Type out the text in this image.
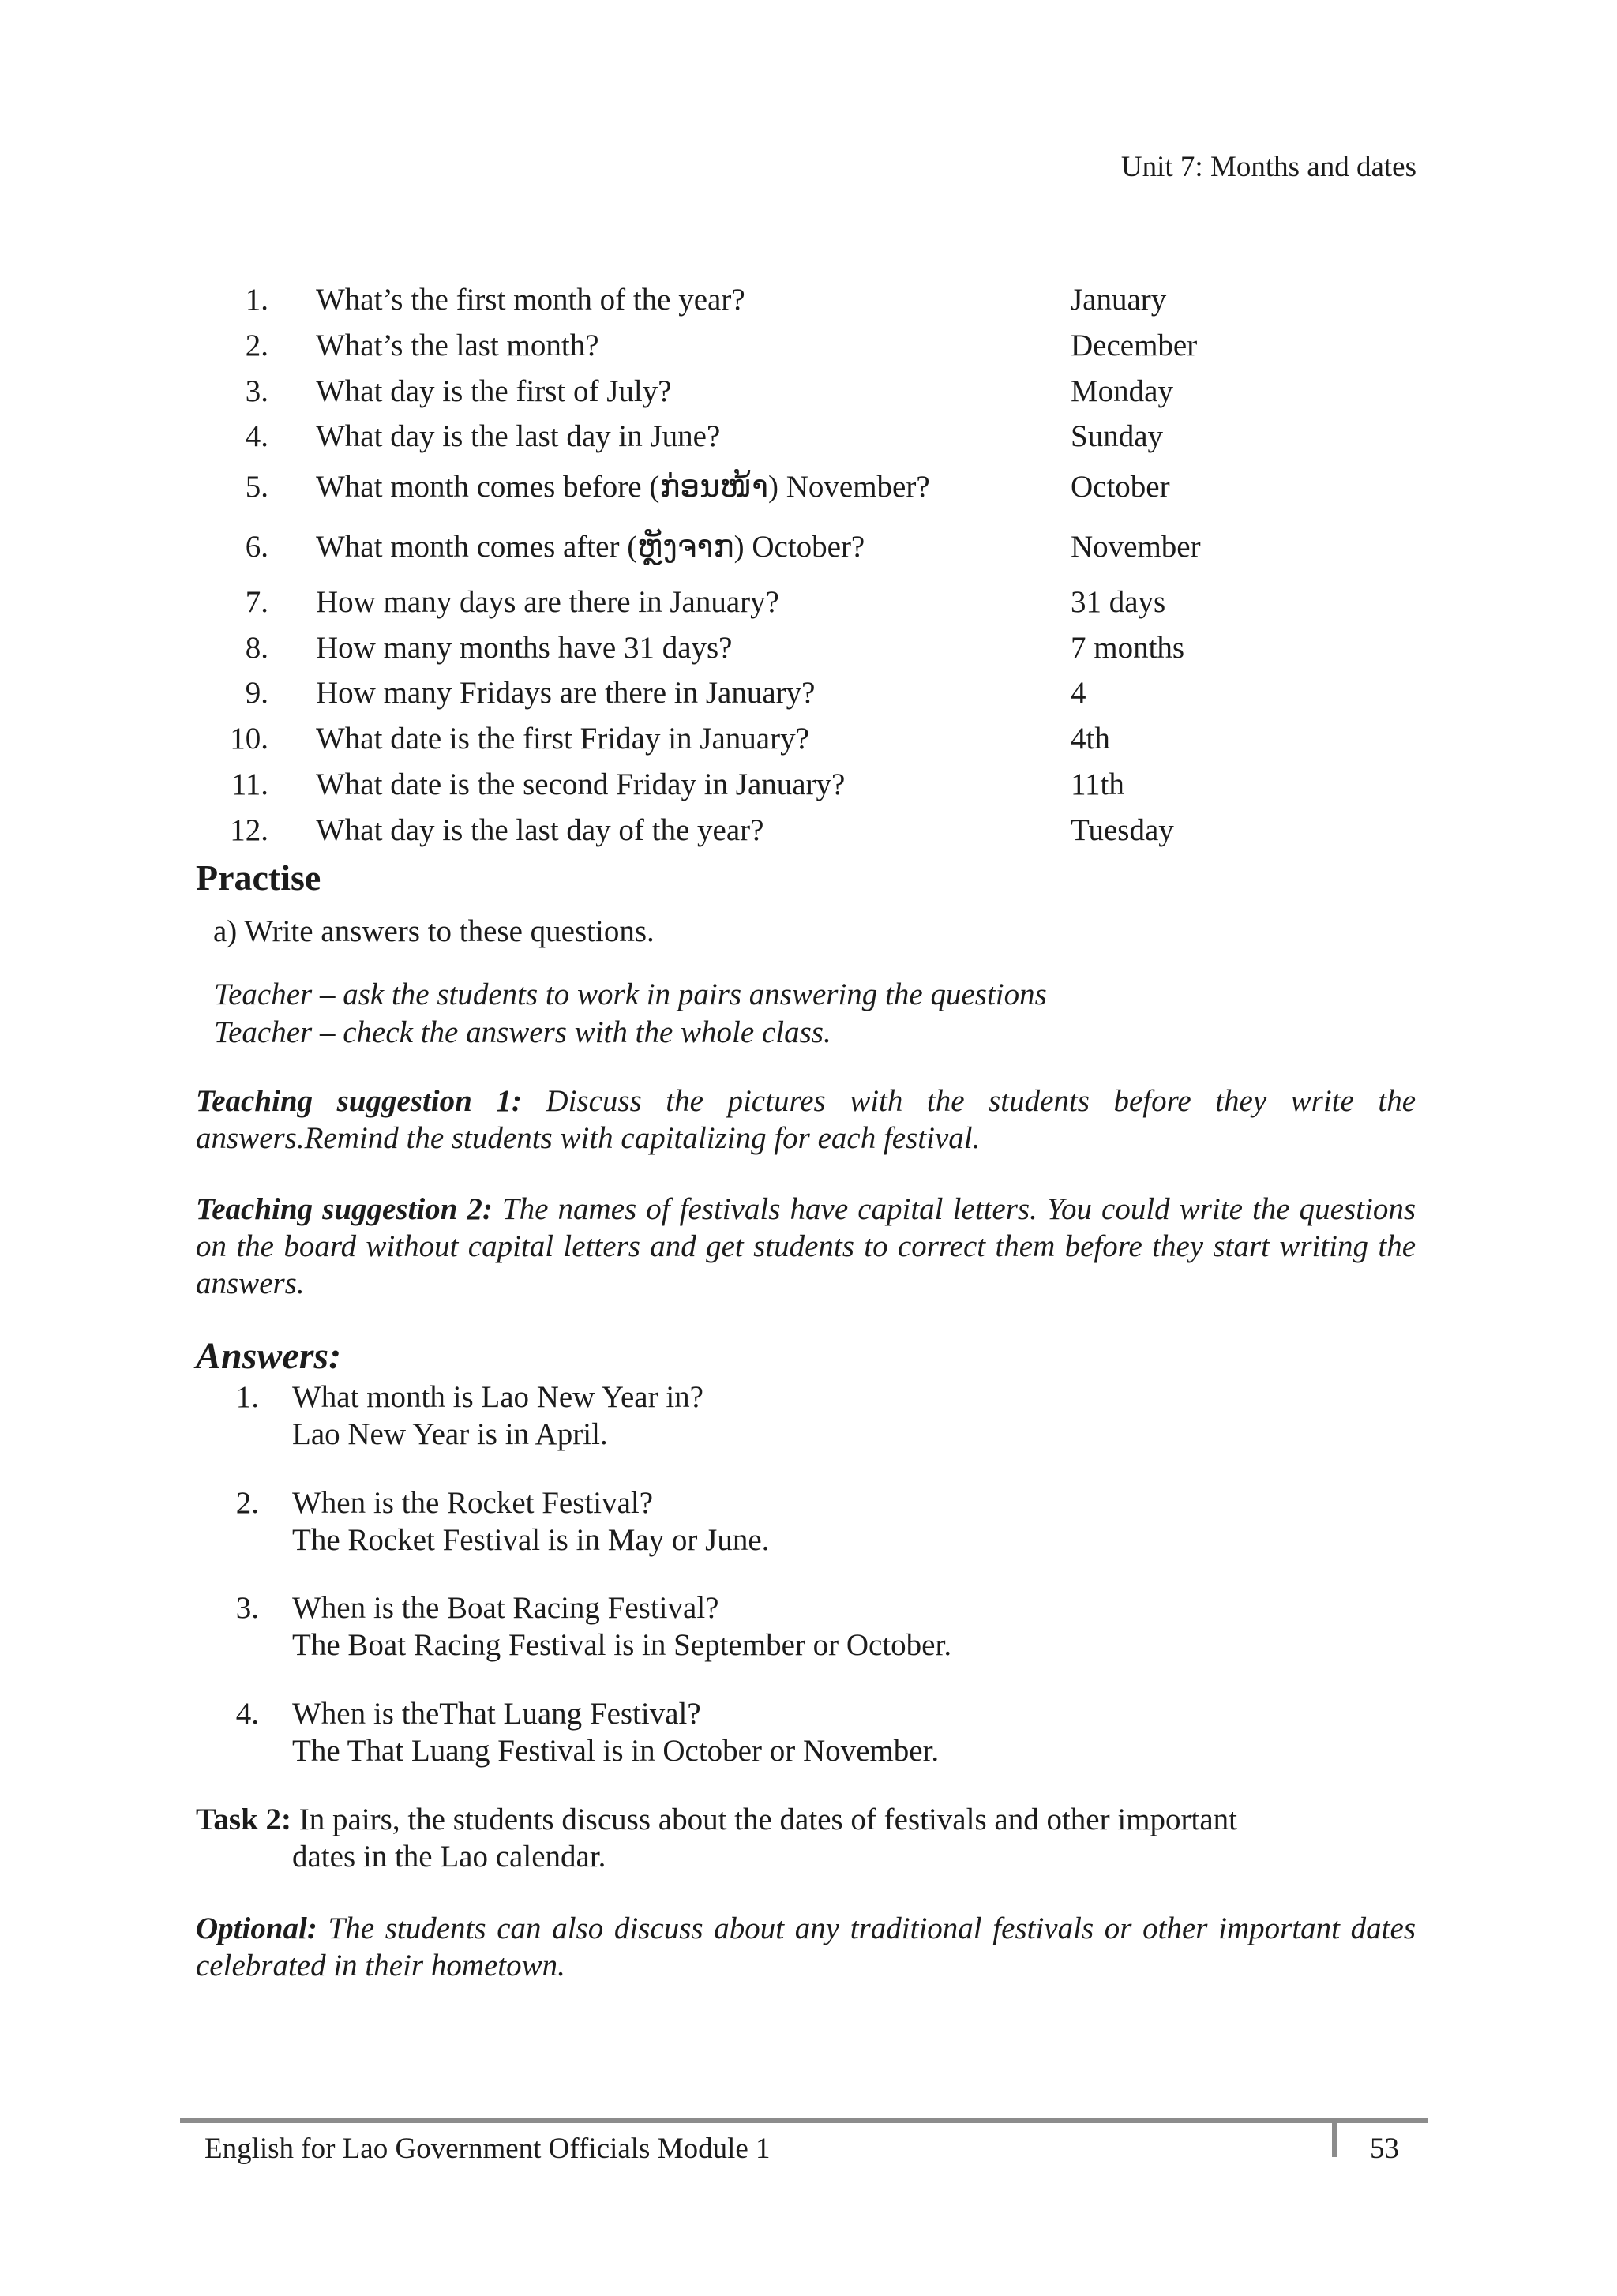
Unit 7: Months and dates
1. What’s the first month of the year?	January
2. What’s the last month?	December
3. What day is the first of July?	Monday
4. What day is the last day in June?	Sunday
5. What month comes before (ກ່ອນໜ້າ) November?	October
6. What month comes after (ຫຼັງຈາກ) October?	November
7. How many days are there in January?	31 days
8. How many months have 31 days?	7 months
9. How many Fridays are there in January?	4
10. What date is the first Friday in January?	4th
11. What date is the second Friday in January?	11th
12. What day is the last day of the year?	Tuesday
Practise
a) Write answers to these questions.
Teacher – ask the students to work in pairs answering the questions
Teacher – check the answers with the whole class.
Teaching suggestion 1: Discuss the pictures with the students before they write the answers.Remind the students with capitalizing for each festival.
Teaching suggestion 2: The names of festivals have capital letters. You could write the questions on the board without capital letters and get students to correct them before they start writing the answers.
Answers:
1. What month is Lao New Year in?
Lao New Year is in April.
2. When is the Rocket Festival?
The Rocket Festival is in May or June.
3. When is the Boat Racing Festival?
The Boat Racing Festival is in September or October.
4. When is theThat Luang Festival?
The That Luang Festival is in October or November.
Task 2: In pairs, the students discuss about the dates of festivals and other important
dates in the Lao calendar.
Optional: The students can also discuss about any traditional festivals or other important dates celebrated in their hometown.
English for Lao Government Officials Module 1	53
